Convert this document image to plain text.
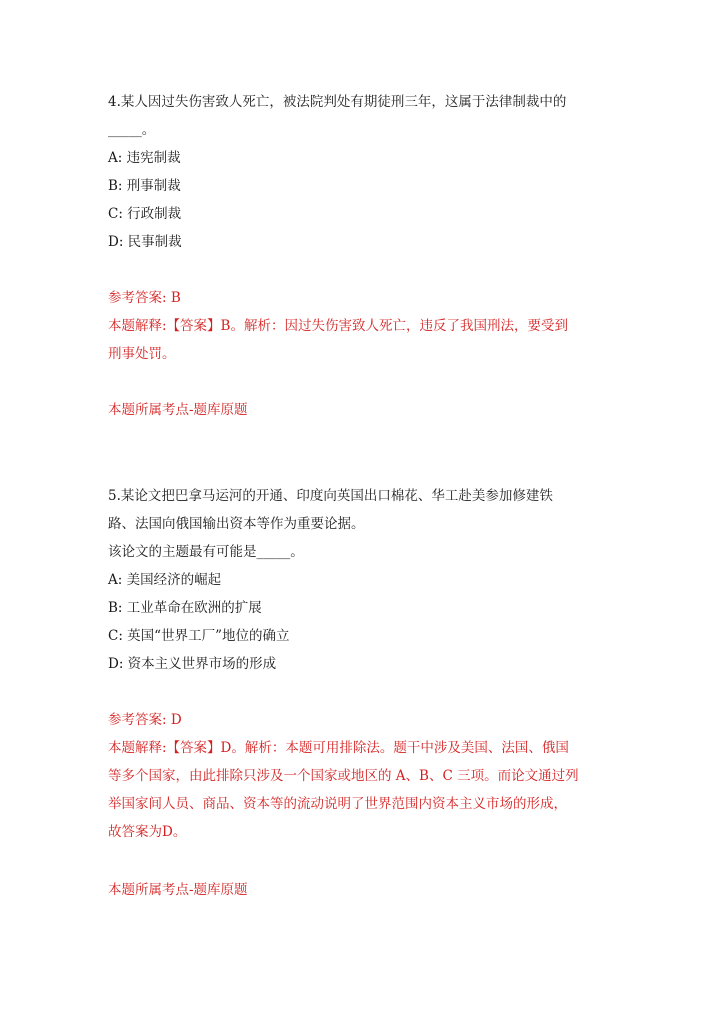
4.某人因过失伤害致人死亡，被法院判处有期徒刑三年，这属于法律制裁中的
_____。
A: 违宪制裁
B: 刑事制裁
C: 行政制裁
D: 民事制裁
参考答案: B
本题解释:【答案】B。解析：因过失伤害致人死亡，违反了我国刑法，要受到
刑事处罚。
本题所属考点-题库原题
5.某论文把巴拿马运河的开通、印度向英国出口棉花、华工赴美参加修建铁
路、法国向俄国输出资本等作为重要论据。
该论文的主题最有可能是_____。
A: 美国经济的崛起
B: 工业革命在欧洲的扩展
C: 英国“世界工厂”地位的确立
D: 资本主义世界市场的形成
参考答案: D
本题解释:【答案】D。解析：本题可用排除法。题干中涉及美国、法国、俄国
等多个国家，由此排除只涉及一个国家或地区的 A、B、C 三项。而论文通过列
举国家间人员、商品、资本等的流动说明了世界范围内资本主义市场的形成，
故答案为D。
本题所属考点-题库原题
